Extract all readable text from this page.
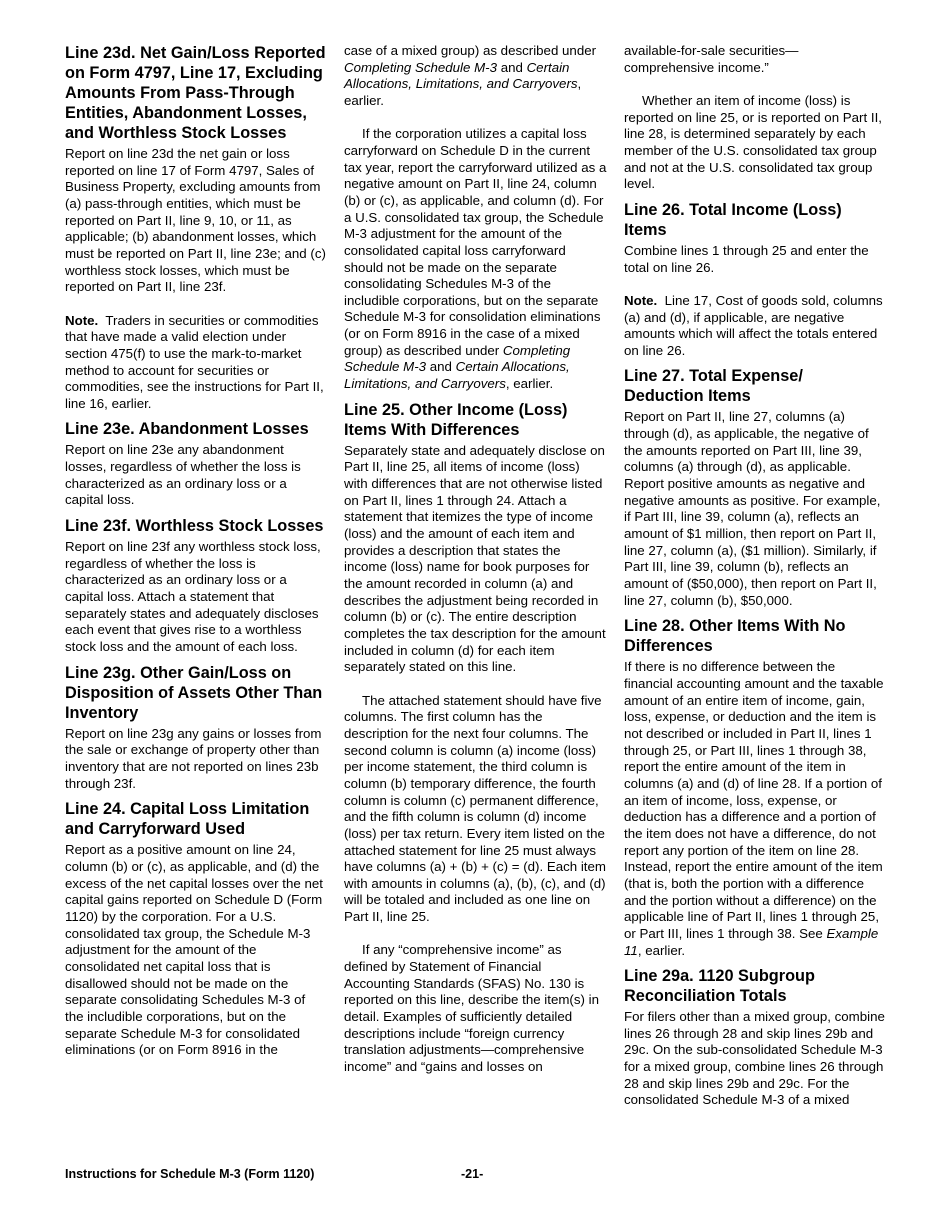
Line 23d. Net Gain/Loss Reported on Form 4797, Line 17, Excluding Amounts From Pass-Through Entities, Abandonment Losses, and Worthless Stock Losses

Report on line 23d the net gain or loss reported on line 17 of Form 4797, Sales of Business Property, excluding amounts from (a) pass-through entities, which must be reported on Part II, line 9, 10, or 11, as applicable; (b) abandonment losses, which must be reported on Part II, line 23e; and (c) worthless stock losses, which must be reported on Part II, line 23f.

Note. Traders in securities or commodities that have made a valid election under section 475(f) to use the mark-to-market method to account for securities or commodities, see the instructions for Part II, line 16, earlier.

Line 23e. Abandonment Losses

Report on line 23e any abandonment losses, regardless of whether the loss is characterized as an ordinary loss or a capital loss.

Line 23f. Worthless Stock Losses

Report on line 23f any worthless stock loss, regardless of whether the loss is characterized as an ordinary loss or a capital loss. Attach a statement that separately states and adequately discloses each event that gives rise to a worthless stock loss and the amount of each loss.

Line 23g. Other Gain/Loss on Disposition of Assets Other Than Inventory

Report on line 23g any gains or losses from the sale or exchange of property other than inventory that are not reported on lines 23b through 23f.

Line 24. Capital Loss Limitation and Carryforward Used

Report as a positive amount on line 24, column (b) or (c), as applicable, and (d) the excess of the net capital losses over the net capital gains reported on Schedule D (Form 1120) by the corporation. For a U.S. consolidated tax group, the Schedule M-3 adjustment for the amount of the consolidated net capital loss that is disallowed should not be made on the separate consolidating Schedules M-3 of the includible corporations, but on the separate Schedule M-3 for consolidated eliminations (or on Form 8916 in the

case of a mixed group) as described under Completing Schedule M-3 and Certain Allocations, Limitations, and Carryovers, earlier.

If the corporation utilizes a capital loss carryforward on Schedule D in the current tax year, report the carryforward utilized as a negative amount on Part II, line 24, column (b) or (c), as applicable, and column (d). For a U.S. consolidated tax group, the Schedule M-3 adjustment for the amount of the consolidated capital loss carryforward should not be made on the separate consolidating Schedules M-3 of the includible corporations, but on the separate Schedule M-3 for consolidation eliminations (or on Form 8916 in the case of a mixed group) as described under Completing Schedule M-3 and Certain Allocations, Limitations, and Carryovers, earlier.

Line 25. Other Income (Loss) Items With Differences

Separately state and adequately disclose on Part II, line 25, all items of income (loss) with differences that are not otherwise listed on Part II, lines 1 through 24. Attach a statement that itemizes the type of income (loss) and the amount of each item and provides a description that states the income (loss) name for book purposes for the amount recorded in column (a) and describes the adjustment being recorded in column (b) or (c). The entire description completes the tax description for the amount included in column (d) for each item separately stated on this line.

The attached statement should have five columns. The first column has the description for the next four columns. The second column is column (a) income (loss) per income statement, the third column is column (b) temporary difference, the fourth column is column (c) permanent difference, and the fifth column is column (d) income (loss) per tax return. Every item listed on the attached statement for line 25 must always have columns (a) + (b) + (c) = (d). Each item with amounts in columns (a), (b), (c), and (d) will be totaled and included as one line on Part II, line 25.

If any “comprehensive income” as defined by Statement of Financial Accounting Standards (SFAS) No. 130 is reported on this line, describe the item(s) in detail. Examples of sufficiently detailed descriptions include “foreign currency translation adjustments—comprehensive income” and “gains and losses on

available-for-sale securities—comprehensive income.”

Whether an item of income (loss) is reported on line 25, or is reported on Part II, line 28, is determined separately by each member of the U.S. consolidated tax group and not at the U.S. consolidated tax group level.

Line 26. Total Income (Loss) Items

Combine lines 1 through 25 and enter the total on line 26.

Note. Line 17, Cost of goods sold, columns (a) and (d), if applicable, are negative amounts which will affect the totals entered on line 26.

Line 27. Total Expense/ Deduction Items

Report on Part II, line 27, columns (a) through (d), as applicable, the negative of the amounts reported on Part III, line 39, columns (a) through (d), as applicable. Report positive amounts as negative and negative amounts as positive. For example, if Part III, line 39, column (a), reflects an amount of $1 million, then report on Part II, line 27, column (a), ($1 million). Similarly, if Part III, line 39, column (b), reflects an amount of ($50,000), then report on Part II, line 27, column (b), $50,000.

Line 28. Other Items With No Differences

If there is no difference between the financial accounting amount and the taxable amount of an entire item of income, gain, loss, expense, or deduction and the item is not described or included in Part II, lines 1 through 25, or Part III, lines 1 through 38, report the entire amount of the item in columns (a) and (d) of line 28. If a portion of an item of income, loss, expense, or deduction has a difference and a portion of the item does not have a difference, do not report any portion of the item on line 28. Instead, report the entire amount of the item (that is, both the portion with a difference and the portion without a difference) on the applicable line of Part II, lines 1 through 25, or Part III, lines 1 through 38. See Example 11, earlier.

Line 29a. 1120 Subgroup Reconciliation Totals

For filers other than a mixed group, combine lines 26 through 28 and skip lines 29b and 29c. On the sub-consolidated Schedule M-3 for a mixed group, combine lines 26 through 28 and skip lines 29b and 29c. For the consolidated Schedule M-3 of a mixed

Instructions for Schedule M-3 (Form 1120)	-21-
